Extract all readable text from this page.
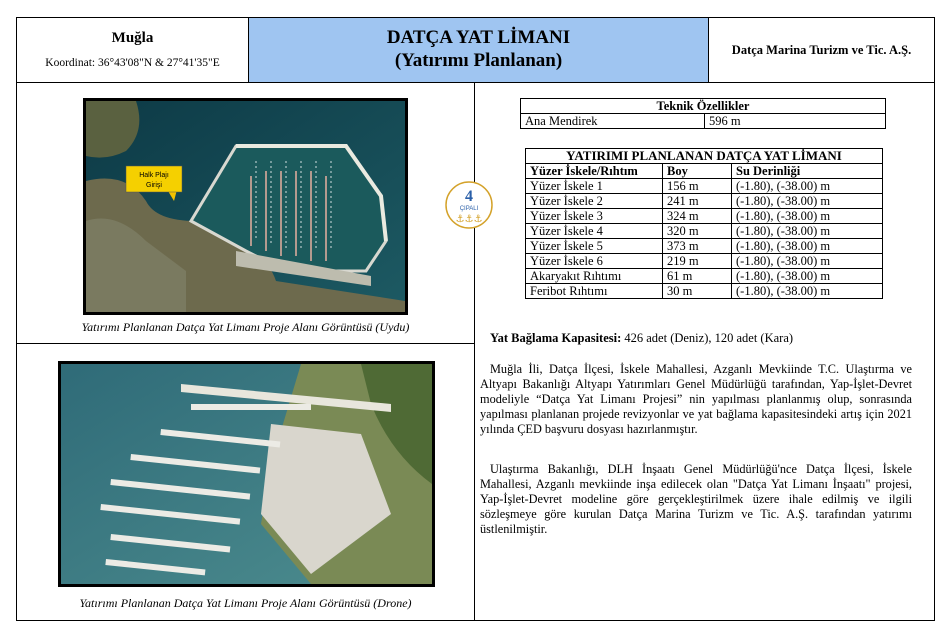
Muğla
Koordinat: 36°43'08"N & 27°41'35"E
DATÇA YAT LİMANI
(Yatırımı Planlanan)	Datça Marina Turizm ve Tic. A.Ş.
Halk Plajı
Girişi
Yatırımı Planlanan Datça Yat Limanı Proje Alanı Görüntüsü (Uydu)
Yatırımı Planlanan Datça Yat Limanı Proje Alanı Görüntüsü (Drone)
4
ÇIPALI
⚓⚓⚓
Teknik Özellikler
Ana Mendirek	596 m
YATIRIMI PLANLANAN DATÇA YAT LİMANI		
Yüzer İskele/Rıhtım	Boy	Su Derinliği
Yüzer İskele 1	156 m	(-1.80), (-38.00) m
Yüzer İskele 2	241 m	(-1.80), (-38.00) m
Yüzer İskele 3	324 m	(-1.80), (-38.00) m
Yüzer İskele 4	320 m	(-1.80), (-38.00) m
Yüzer İskele 5	373 m	(-1.80), (-38.00) m
Yüzer İskele 6	219 m	(-1.80), (-38.00) m
Akaryakıt Rıhtımı	61 m	(-1.80), (-38.00) m
Feribot Rıhtımı	30 m	(-1.80), (-38.00) m
Yat Bağlama Kapasitesi: 426 adet (Deniz), 120 adet (Kara)

Muğla İli, Datça İlçesi, İskele Mahallesi, Azganlı Mevkiinde T.C. Ulaştırma ve Altyapı Bakanlığı Altyapı Yatırımları Genel Müdürlüğü tarafından, Yap-İşlet-Devret modeliyle “Datça Yat Limanı Projesi” nin yapılması planlanmış olup, sonrasında yapılması planlanan projede revizyonlar ve yat bağlama kapasitesindeki artış için 2021 yılında ÇED başvuru dosyası hazırlanmıştır.

Ulaştırma Bakanlığı, DLH İnşaatı Genel Müdürlüğü'nce Datça İlçesi, İskele Mahallesi, Azganlı mevkiinde inşa edilecek olan "Datça Yat Limanı İnşaatı" projesi, Yap-İşlet-Devret modeline göre gerçekleştirilmek üzere ihale edilmiş ve ilgili sözleşmeye göre kurulan Datça Marina Turizm ve Tic. A.Ş. tarafından yatırımı üstlenilmiştir.
